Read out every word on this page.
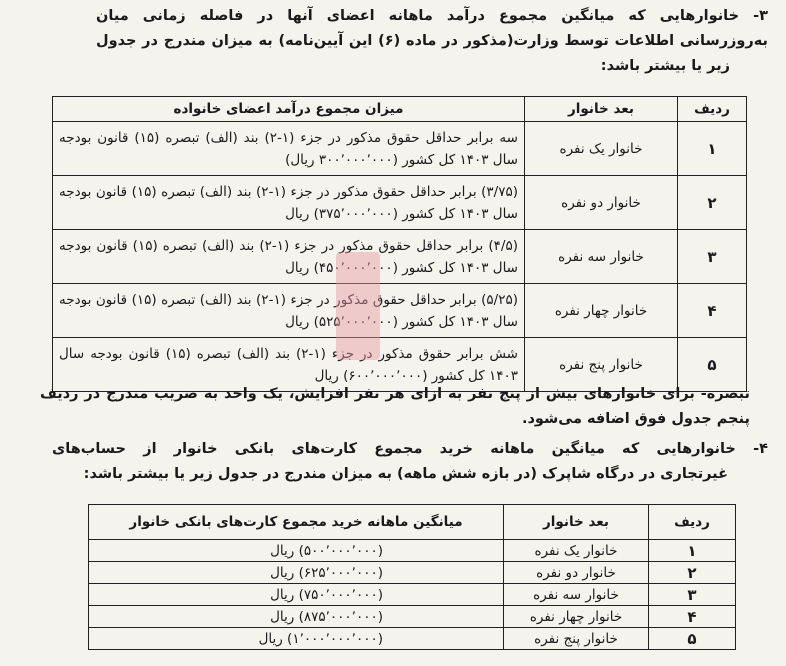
۳- خانوارهایی که میانگین مجموع درآمد ماهانه اعضای آنها در فاصله زمانی میان
به‌روزرسانی اطلاعات توسط وزارت(مذکور در ماده (۶) این آیین‌نامه) به میزان مندرج در جدول
زیر یا بیشتر باشد:
ردیف	بعد خانوار	میزان مجموع درآمد اعضای خانواده
۱	خانوار یک نفره	سه برابر حداقل حقوق مذکور در جزء (۱-۲) بند (الف) تبصره (۱۵) قانون بودجه سال ۱۴۰۳ کل کشور (۳۰۰٬۰۰۰٬۰۰۰ ریال)
۲	خانوار دو نفره	(۳/۷۵) برابر حداقل حقوق مذکور در جزء (۱-۲) بند (الف) تبصره (۱۵) قانون بودجه سال ۱۴۰۳ کل کشور (۳۷۵٬۰۰۰٬۰۰۰) ریال
۳	خانوار سه نفره	(۴/۵) برابر حداقل حقوق مذکور در جزء (۱-۲) بند (الف) تبصره (۱۵) قانون بودجه سال ۱۴۰۳ کل کشور (۴۵۰٬۰۰۰٬۰۰۰) ریال
۴	خانوار چهار نفره	(۵/۲۵) برابر حداقل حقوق مذکور در جزء (۱-۲) بند (الف) تبصره (۱۵) قانون بودجه سال ۱۴۰۳ کل کشور (۵۲۵٬۰۰۰٬۰۰۰) ریال
۵	خانوار پنج نفره	شش برابر حقوق مذکور در جزء (۱-۲) بند (الف) تبصره (۱۵) قانون بودجه سال ۱۴۰۳ کل کشور (۶۰۰٬۰۰۰٬۰۰۰) ریال
تبصره- برای خانوارهای بیش از پنج نفر به ازای هر نفر افزایش، یک واحد به ضریب مندرج در ردیف پنجم جدول فوق اضافه می‌شود.
۴- خانوارهایی که میانگین ماهانه خرید مجموع کارت‌های بانکی خانوار از حساب‌های
غیرتجاری در درگاه شاپرک (در بازه شش ماهه) به میزان مندرج در جدول زیر یا بیشتر باشد:
ردیف	بعد خانوار	میانگین ماهانه خرید مجموع کارت‌های بانکی خانوار
۱	خانوار یک نفره	(۵۰۰٬۰۰۰٬۰۰۰) ریال
۲	خانوار دو نفره	(۶۲۵٬۰۰۰٬۰۰۰) ریال
۳	خانوار سه نفره	(۷۵۰٬۰۰۰٬۰۰۰) ریال
۴	خانوار چهار نفره	(۸۷۵٬۰۰۰٬۰۰۰) ریال
۵	خانوار پنج نفره	(۱٬۰۰۰٬۰۰۰٬۰۰۰) ریال
